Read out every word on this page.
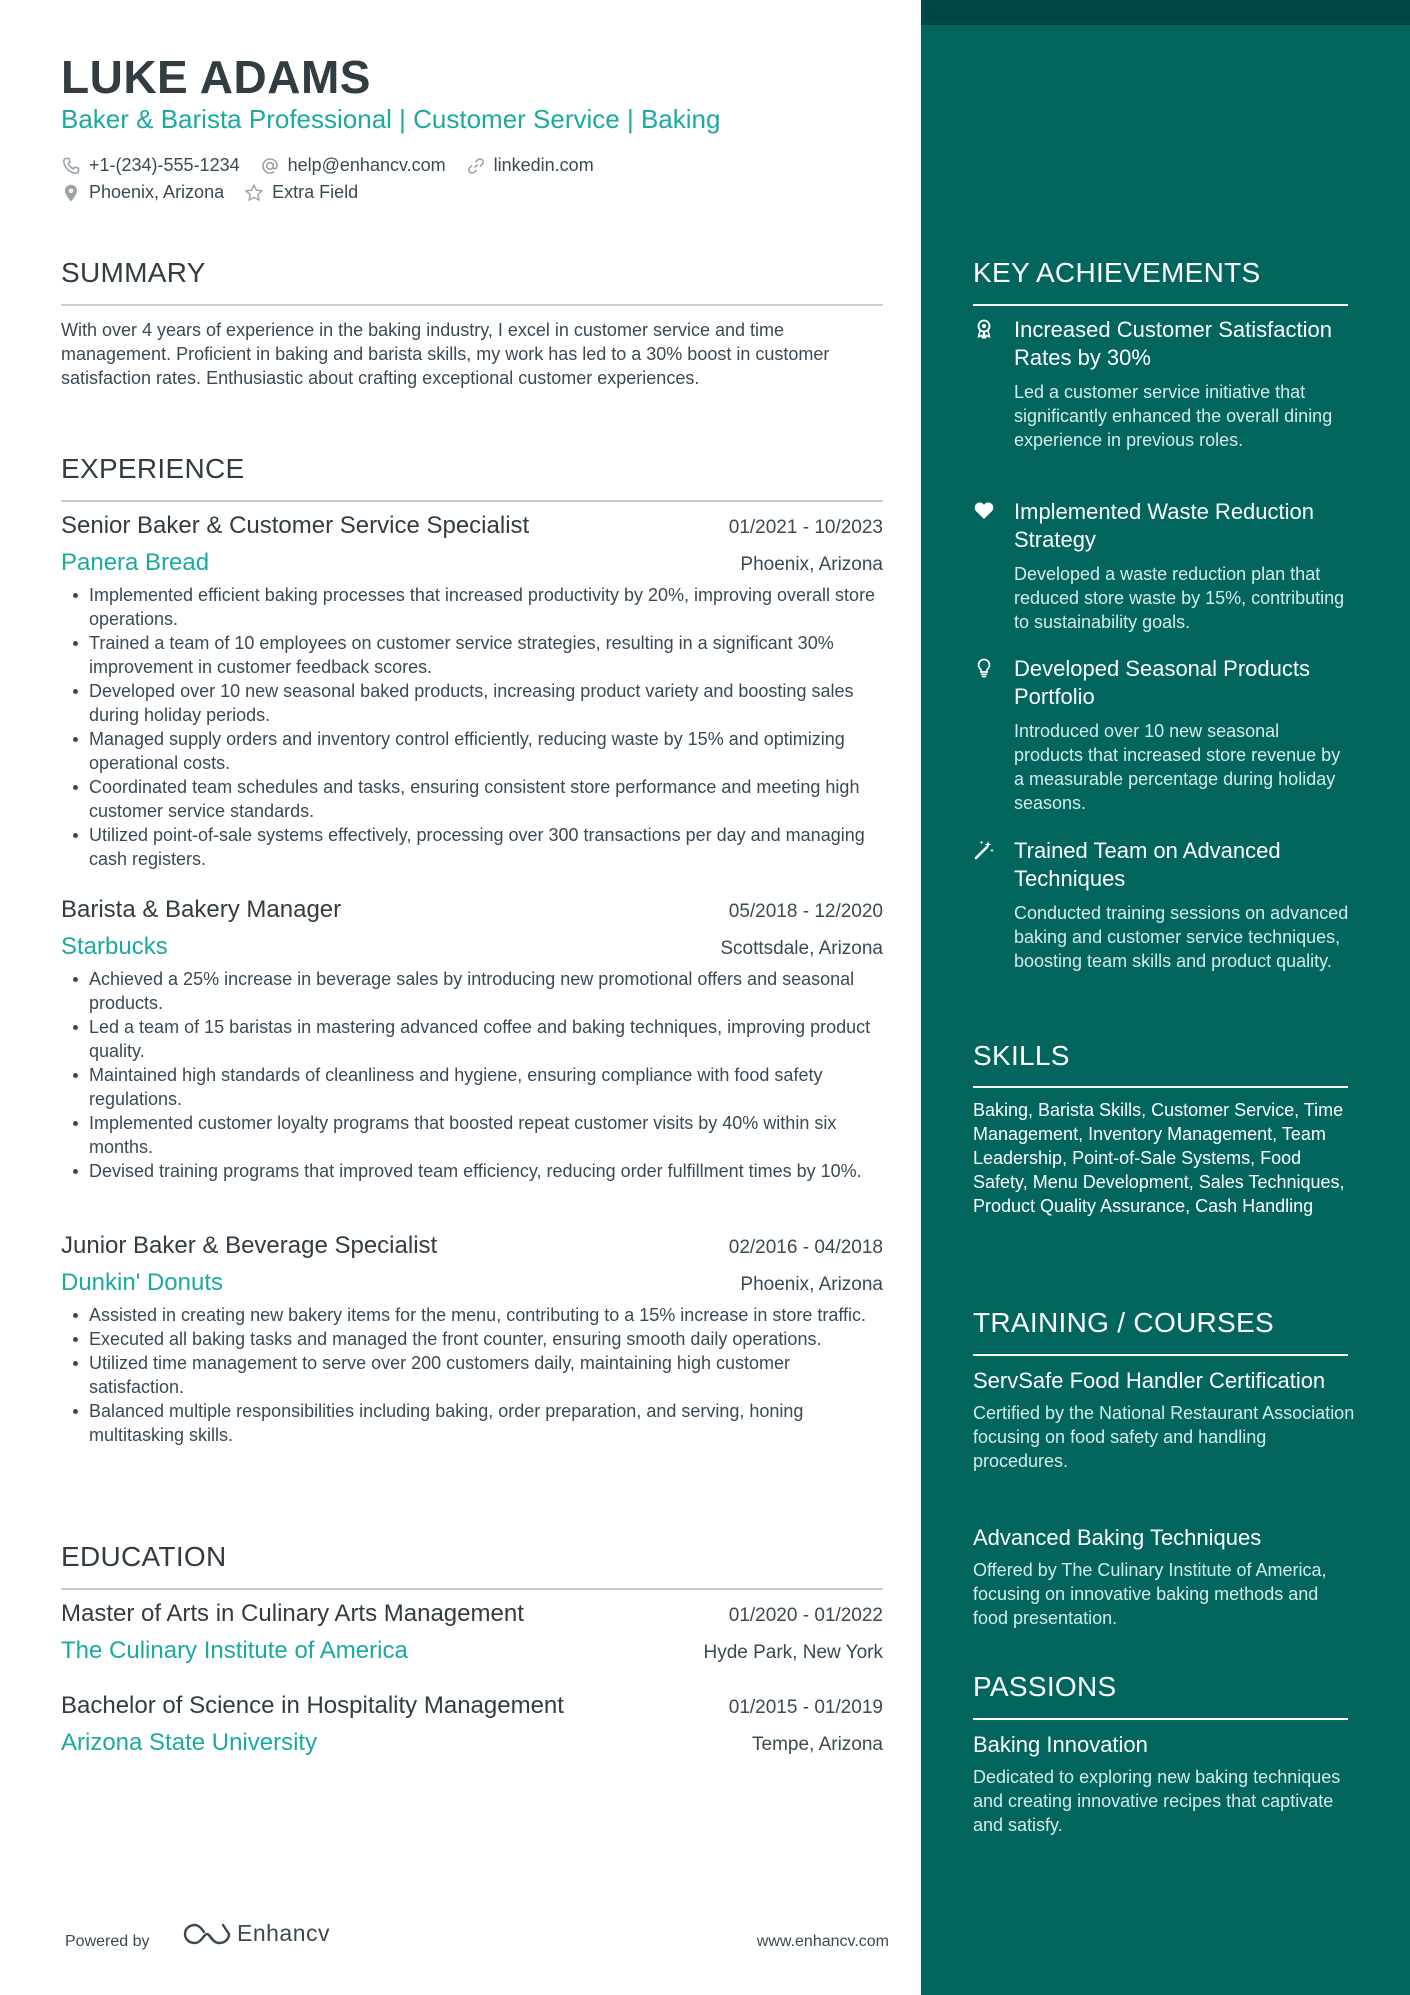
LUKE ADAMS
Baker & Barista Professional | Customer Service | Baking
+1-(234)-555-1234	help@enhancv.com	linkedin.com
Phoenix, Arizona	Extra Field
SUMMARY
With over 4 years of experience in the baking industry, I excel in customer service and time management. Proficient in baking and barista skills, my work has led to a 30% boost in customer satisfaction rates. Enthusiastic about crafting exceptional customer experiences.
EXPERIENCE
Senior Baker & Customer Service Specialist	01/2021 - 10/2023
Panera Bread	Phoenix, Arizona
Implemented efficient baking processes that increased productivity by 20%, improving overall store operations.
Trained a team of 10 employees on customer service strategies, resulting in a significant 30% improvement in customer feedback scores.
Developed over 10 new seasonal baked products, increasing product variety and boosting sales during holiday periods.
Managed supply orders and inventory control efficiently, reducing waste by 15% and optimizing operational costs.
Coordinated team schedules and tasks, ensuring consistent store performance and meeting high customer service standards.
Utilized point-of-sale systems effectively, processing over 300 transactions per day and managing cash registers.
Barista & Bakery Manager	05/2018 - 12/2020
Starbucks	Scottsdale, Arizona
Achieved a 25% increase in beverage sales by introducing new promotional offers and seasonal products.
Led a team of 15 baristas in mastering advanced coffee and baking techniques, improving product quality.
Maintained high standards of cleanliness and hygiene, ensuring compliance with food safety regulations.
Implemented customer loyalty programs that boosted repeat customer visits by 40% within six months.
Devised training programs that improved team efficiency, reducing order fulfillment times by 10%.
Junior Baker & Beverage Specialist	02/2016 - 04/2018
Dunkin' Donuts	Phoenix, Arizona
Assisted in creating new bakery items for the menu, contributing to a 15% increase in store traffic.
Executed all baking tasks and managed the front counter, ensuring smooth daily operations.
Utilized time management to serve over 200 customers daily, maintaining high customer satisfaction.
Balanced multiple responsibilities including baking, order preparation, and serving, honing multitasking skills.
EDUCATION
Master of Arts in Culinary Arts Management	01/2020 - 01/2022
The Culinary Institute of America	Hyde Park, New York
Bachelor of Science in Hospitality Management	01/2015 - 01/2019
Arizona State University	Tempe, Arizona
Powered by	Enhancv	www.enhancv.com
KEY ACHIEVEMENTS
Increased Customer Satisfaction Rates by 30%
Led a customer service initiative that significantly enhanced the overall dining experience in previous roles.
Implemented Waste Reduction Strategy
Developed a waste reduction plan that reduced store waste by 15%, contributing to sustainability goals.
Developed Seasonal Products Portfolio
Introduced over 10 new seasonal products that increased store revenue by a measurable percentage during holiday seasons.
Trained Team on Advanced Techniques
Conducted training sessions on advanced baking and customer service techniques, boosting team skills and product quality.
SKILLS
Baking, Barista Skills, Customer Service, Time Management, Inventory Management, Team Leadership, Point-of-Sale Systems, Food Safety, Menu Development, Sales Techniques, Product Quality Assurance, Cash Handling
TRAINING / COURSES
ServSafe Food Handler Certification
Certified by the National Restaurant Association focusing on food safety and handling procedures.
Advanced Baking Techniques
Offered by The Culinary Institute of America, focusing on innovative baking methods and food presentation.
PASSIONS
Baking Innovation
Dedicated to exploring new baking techniques and creating innovative recipes that captivate and satisfy.
